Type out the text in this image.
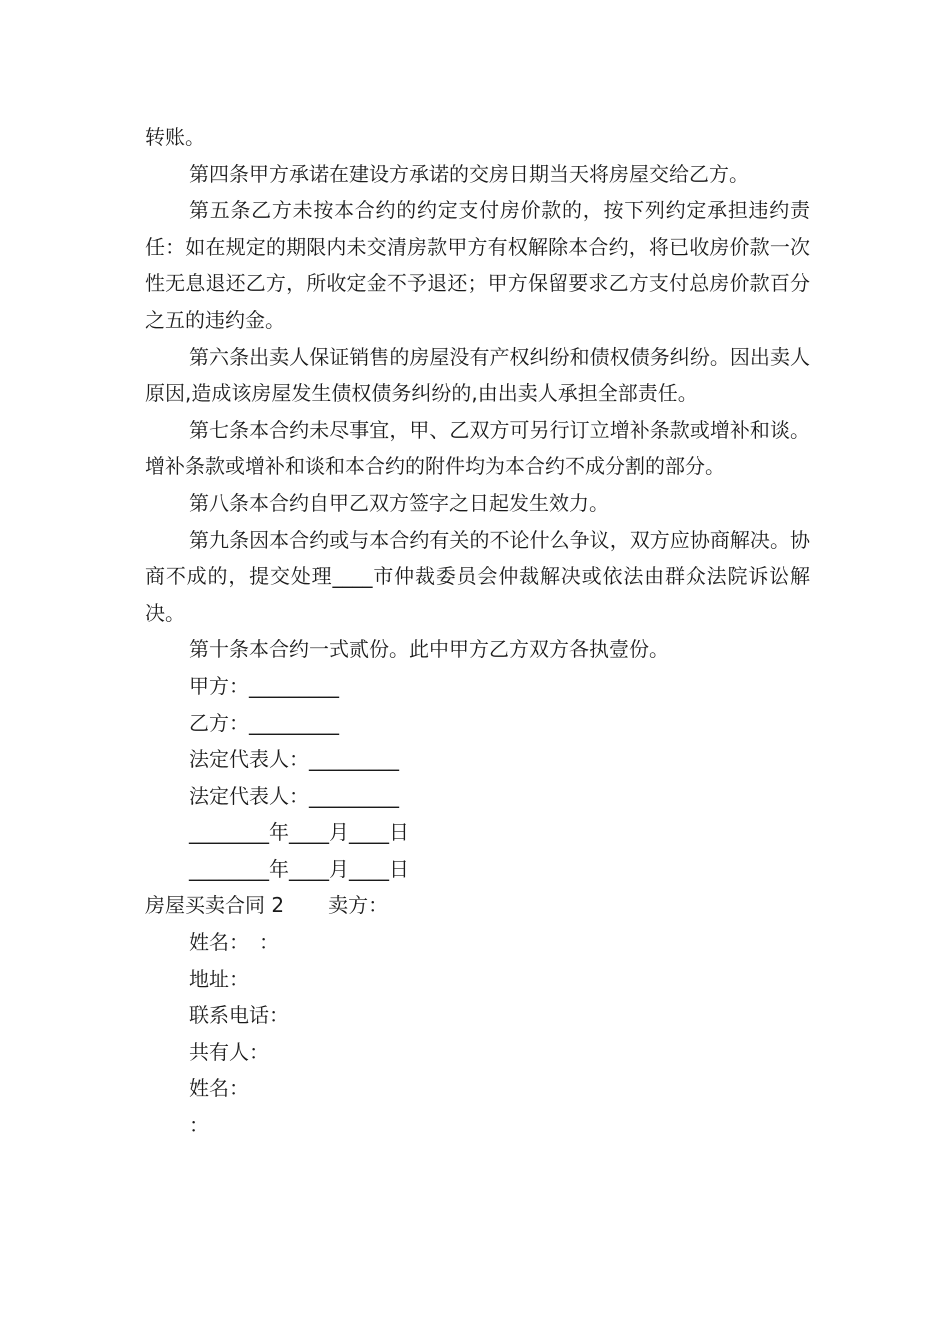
转账。

第四条甲方承诺在建设方承诺的交房日期当天将房屋交给乙方。

第五条乙方未按本合约的约定支付房价款的，按下列约定承担违约责任：如在规定的期限内未交清房款甲方有权解除本合约，将已收房价款一次性无息退还乙方，所收定金不予退还；甲方保留要求乙方支付总房价款百分之五的违约金。

第六条出卖人保证销售的房屋没有产权纠纷和债权债务纠纷。因出卖人原因,造成该房屋发生债权债务纠纷的,由出卖人承担全部责任。

第七条本合约未尽事宜，甲、乙双方可另行订立增补条款或增补和谈。增补条款或增补和谈和本合约的附件均为本合约不成分割的部分。

第八条本合约自甲乙双方签字之日起发生效力。

第九条因本合约或与本合约有关的不论什么争议，双方应协商解决。协商不成的，提交处理____市仲裁委员会仲裁解决或依法由群众法院诉讼解决。

第十条本合约一式贰份。此中甲方乙方双方各执壹份。

甲方：_________

乙方：_________

法定代表人：_________

法定代表人：_________

________年____月____日

________年____月____日

房屋买卖合同 2 卖方：

姓名：　：

地址：

联系电话：

共有人：

姓名：

：
